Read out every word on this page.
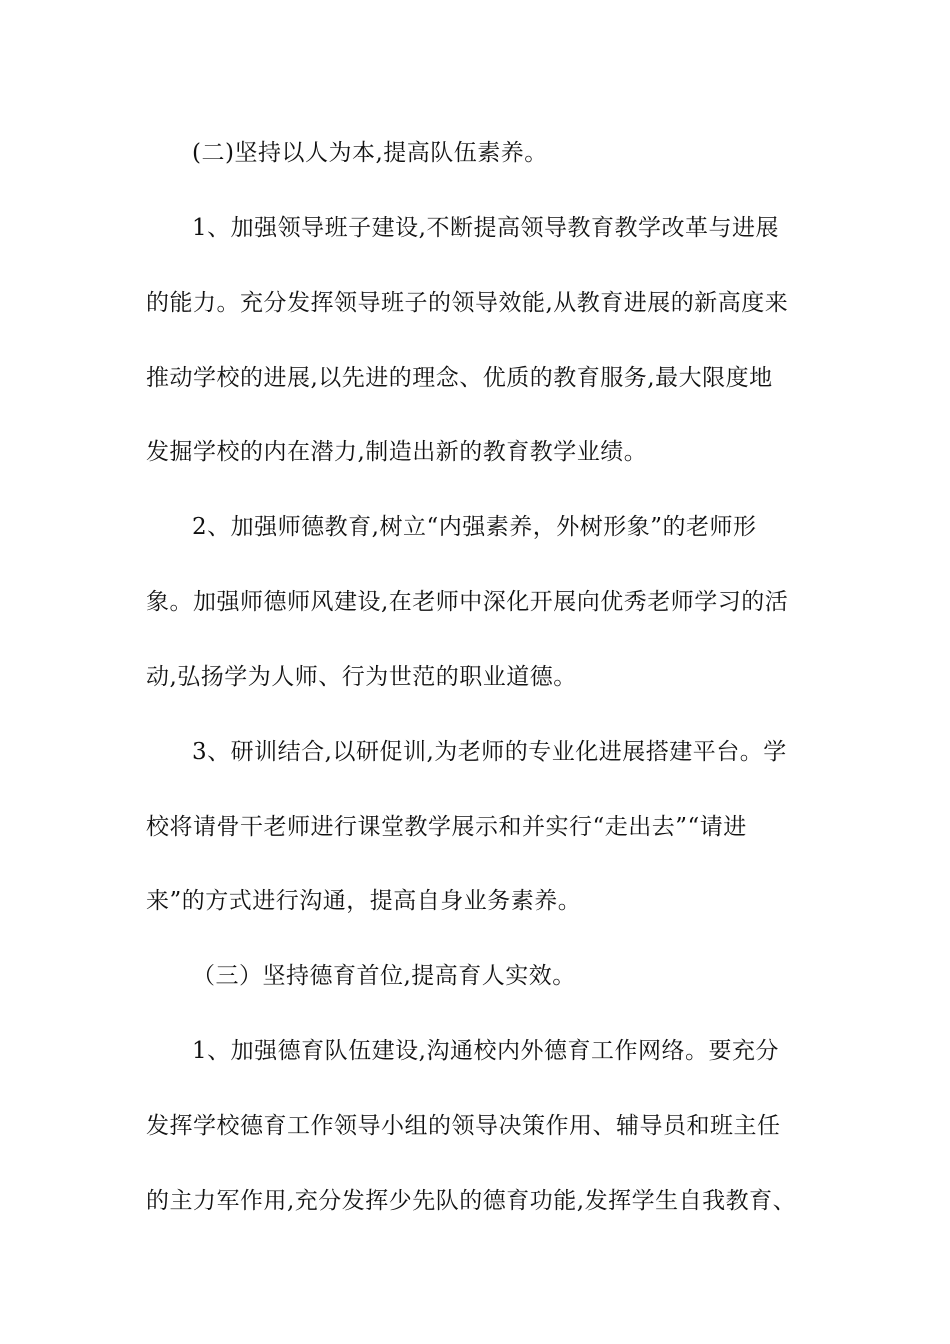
(二)坚持以人为本,提高队伍素养。
1、加强领导班子建设,不断提高领导教育教学改革与进展
的能力。充分发挥领导班子的领导效能,从教育进展的新高度来
推动学校的进展,以先进的理念、优质的教育服务,最大限度地
发掘学校的内在潜力,制造出新的教育教学业绩。
2、加强师德教育,树立“内强素养，外树形象”的老师形
象。加强师德师风建设,在老师中深化开展向优秀老师学习的活
动,弘扬学为人师、行为世范的职业道德。
3、研训结合,以研促训,为老师的专业化进展搭建平台。学
校将请骨干老师进行课堂教学展示和并实行“走出去”“请进
来”的方式进行沟通，提高自身业务素养。
（三）坚持德育首位,提高育人实效。
1、加强德育队伍建设,沟通校内外德育工作网络。要充分
发挥学校德育工作领导小组的领导决策作用、辅导员和班主任
的主力军作用,充分发挥少先队的德育功能,发挥学生自我教育、
